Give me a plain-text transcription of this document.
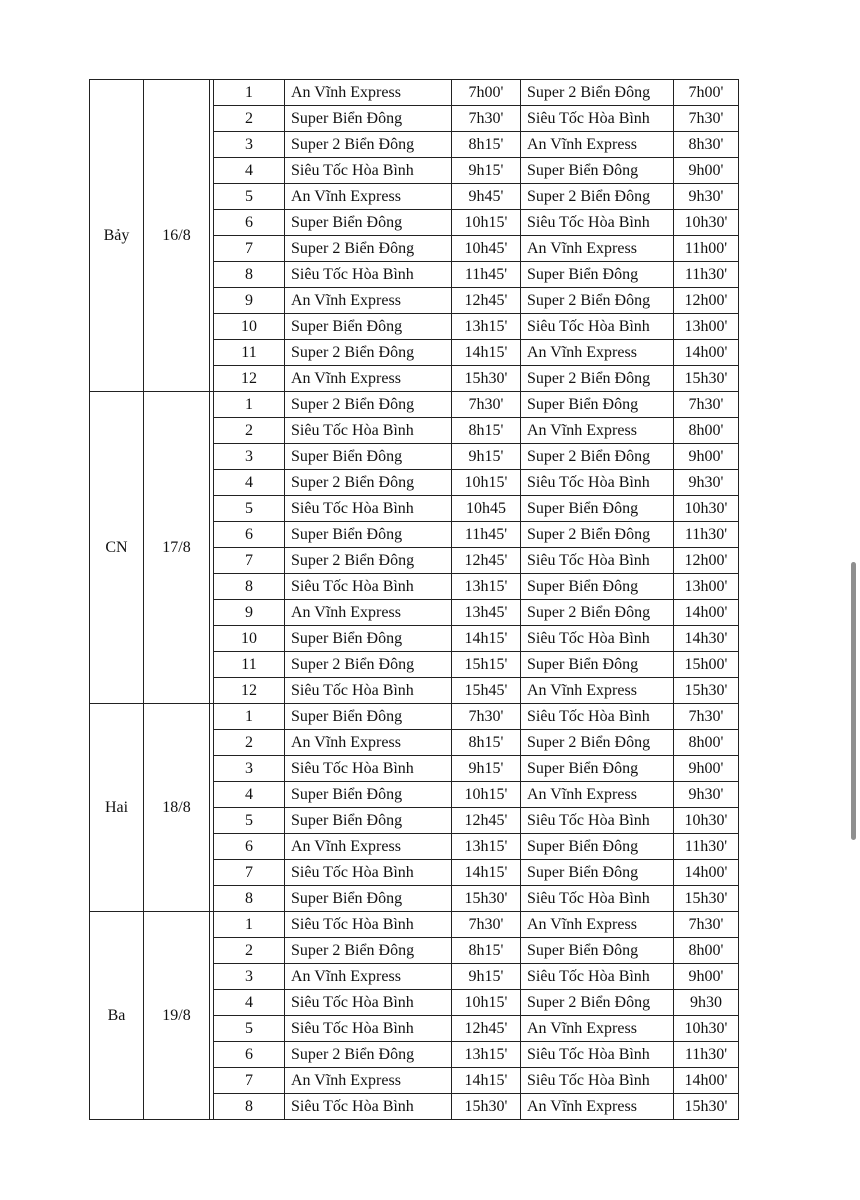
Bảy	16/8		1	An Vĩnh Express	7h00'	Super 2 Biển Đông	7h00'
			2	Super Biển Đông	7h30'	Siêu Tốc Hòa Bình	7h30'
			3	Super 2 Biển Đông	8h15'	An Vĩnh Express	8h30'
			4	Siêu Tốc Hòa Bình	9h15'	Super Biển Đông	9h00'
			5	An Vĩnh Express	9h45'	Super 2 Biển Đông	9h30'
			6	Super Biển Đông	10h15'	Siêu Tốc Hòa Bình	10h30'
			7	Super 2 Biển Đông	10h45'	An Vĩnh Express	11h00'
			8	Siêu Tốc Hòa Bình	11h45'	Super Biển Đông	11h30'
			9	An Vĩnh Express	12h45'	Super 2 Biển Đông	12h00'
			10	Super Biển Đông	13h15'	Siêu Tốc Hòa Bình	13h00'
			11	Super 2 Biển Đông	14h15'	An Vĩnh Express	14h00'
			12	An Vĩnh Express	15h30'	Super 2 Biển Đông	15h30'
CN	17/8		1	Super 2 Biển Đông	7h30'	Super Biển Đông	7h30'
			2	Siêu Tốc Hòa Bình	8h15'	An Vĩnh Express	8h00'
			3	Super Biển Đông	9h15'	Super 2 Biển Đông	9h00'
			4	Super 2 Biển Đông	10h15'	Siêu Tốc Hòa Bình	9h30'
			5	Siêu Tốc Hòa Bình	10h45	Super Biển Đông	10h30'
			6	Super Biển Đông	11h45'	Super 2 Biển Đông	11h30'
			7	Super 2 Biển Đông	12h45'	Siêu Tốc Hòa Bình	12h00'
			8	Siêu Tốc Hòa Bình	13h15'	Super Biển Đông	13h00'
			9	An Vĩnh Express	13h45'	Super 2 Biển Đông	14h00'
			10	Super Biển Đông	14h15'	Siêu Tốc Hòa Bình	14h30'
			11	Super 2 Biển Đông	15h15'	Super Biển Đông	15h00'
			12	Siêu Tốc Hòa Bình	15h45'	An Vĩnh Express	15h30'
Hai	18/8		1	Super Biển Đông	7h30'	Siêu Tốc Hòa Bình	7h30'
			2	An Vĩnh Express	8h15'	Super 2 Biển Đông	8h00'
			3	Siêu Tốc Hòa Bình	9h15'	Super Biển Đông	9h00'
			4	Super Biển Đông	10h15'	An Vĩnh Express	9h30'
			5	Super Biển Đông	12h45'	Siêu Tốc Hòa Bình	10h30'
			6	An Vĩnh Express	13h15'	Super Biển Đông	11h30'
			7	Siêu Tốc Hòa Bình	14h15'	Super Biển Đông	14h00'
			8	Super Biển Đông	15h30'	Siêu Tốc Hòa Bình	15h30'
Ba	19/8		1	Siêu Tốc Hòa Bình	7h30'	An Vĩnh Express	7h30'
			2	Super 2 Biển Đông	8h15'	Super Biển Đông	8h00'
			3	An Vĩnh Express	9h15'	Siêu Tốc Hòa Bình	9h00'
			4	Siêu Tốc Hòa Bình	10h15'	Super 2 Biển Đông	9h30
			5	Siêu Tốc Hòa Bình	12h45'	An Vĩnh Express	10h30'
			6	Super 2 Biển Đông	13h15'	Siêu Tốc Hòa Bình	11h30'
			7	An Vĩnh Express	14h15'	Siêu Tốc Hòa Bình	14h00'
			8	Siêu Tốc Hòa Bình	15h30'	An Vĩnh Express	15h30'
